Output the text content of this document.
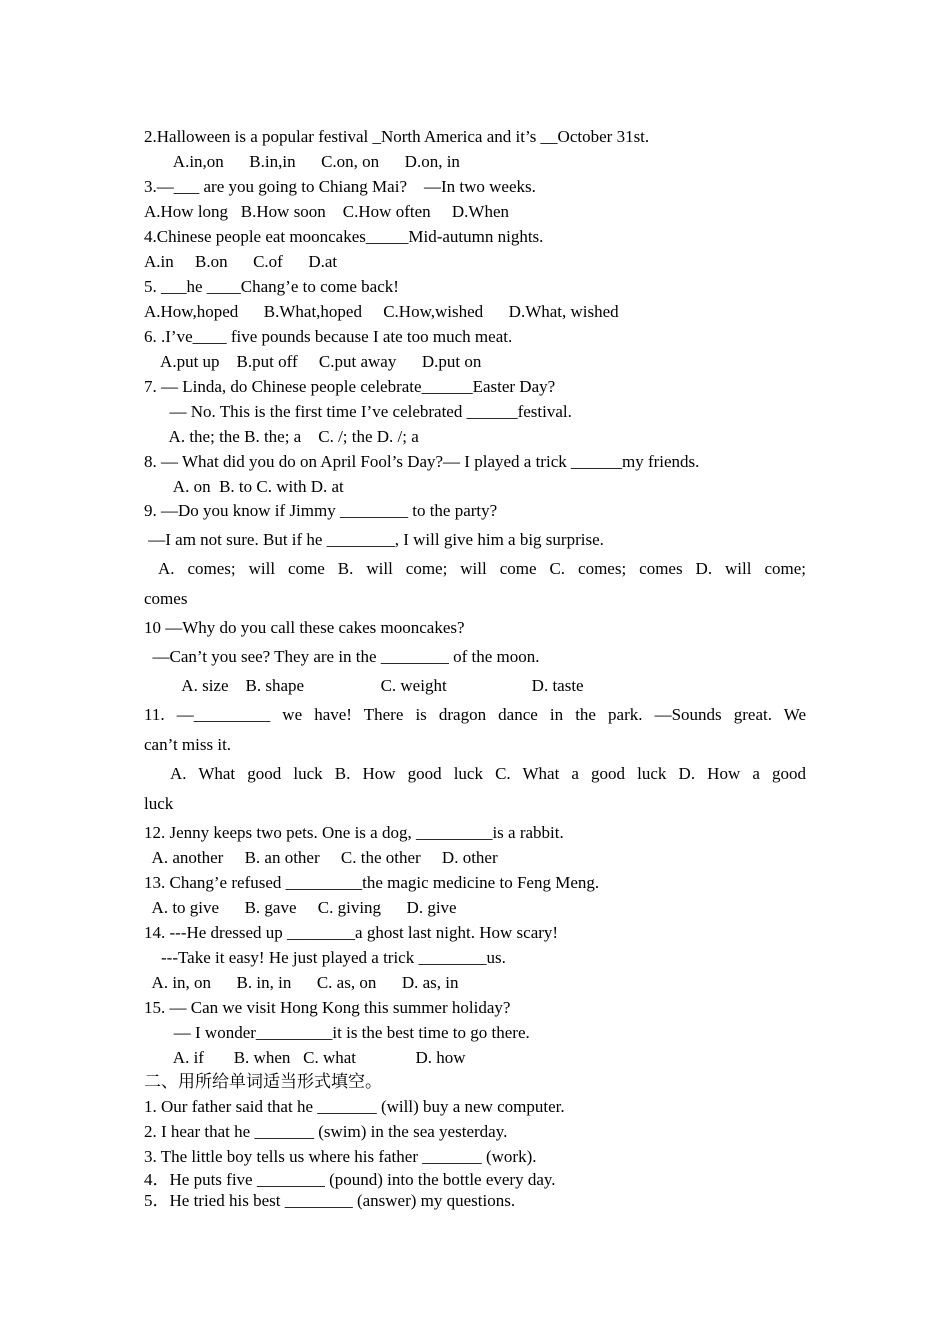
2.Halloween is a popular festival _North America and it’s __October 31st.
A.in,on      B.in,in      C.on, on      D.on, in
3.—___ are you going to Chiang Mai?    —In two weeks.
A.How long   B.How soon    C.How often     D.When
4.Chinese people eat mooncakes_____Mid-autumn nights.
A.in     B.on      C.of      D.at
5. ___he ____Chang’e to come back!
A.How,hoped      B.What,hoped     C.How,wished      D.What, wished
6. .I’ve____ five pounds because I ate too much meat.
A.put up    B.put off     C.put away      D.put on
7. — Linda, do Chinese people celebrate______Easter Day?
— No. This is the first time I’ve celebrated ______festival.
A. the; the B. the; a    C. /; the D. /; a
8. — What did you do on April Fool’s Day?— I played a trick ______my friends.
A. on  B. to C. with D. at
9. —Do you know if Jimmy ________ to the party?
—I am not sure. But if he ________, I will give him a big surprise.
A. comes; will come B. will come; will come C. comes; comes D. will come;
comes
10 —Why do you call these cakes mooncakes?
—Can’t you see? They are in the ________ of the moon.
A. size    B. shape                  C. weight                    D. taste
11. —_________ we have! There is dragon dance in the park. —Sounds great. We
can’t miss it.
A. What good luck B. How good luck C. What a good luck D. How a good
luck
12. Jenny keeps two pets. One is a dog, _________is a rabbit.
A. another     B. an other     C. the other     D. other
13. Chang’e refused _________the magic medicine to Feng Meng.
A. to give      B. gave     C. giving      D. give
14. ---He dressed up ________a ghost last night. How scary!
---Take it easy! He just played a trick ________us.
A. in, on      B. in, in      C. as, on      D. as, in
15. — Can we visit Hong Kong this summer holiday?
— I wonder_________it is the best time to go there.
A. if       B. when   C. what              D. how
二、用所给单词适当形式填空。
1. Our father said that he _______ (will) buy a new computer.
2. I hear that he _______ (swim) in the sea yesterday.
3. The little boy tells us where his father _______ (work).
4．He puts five ________ (pound) into the bottle every day.
5．He tried his best ________ (answer) my questions.
